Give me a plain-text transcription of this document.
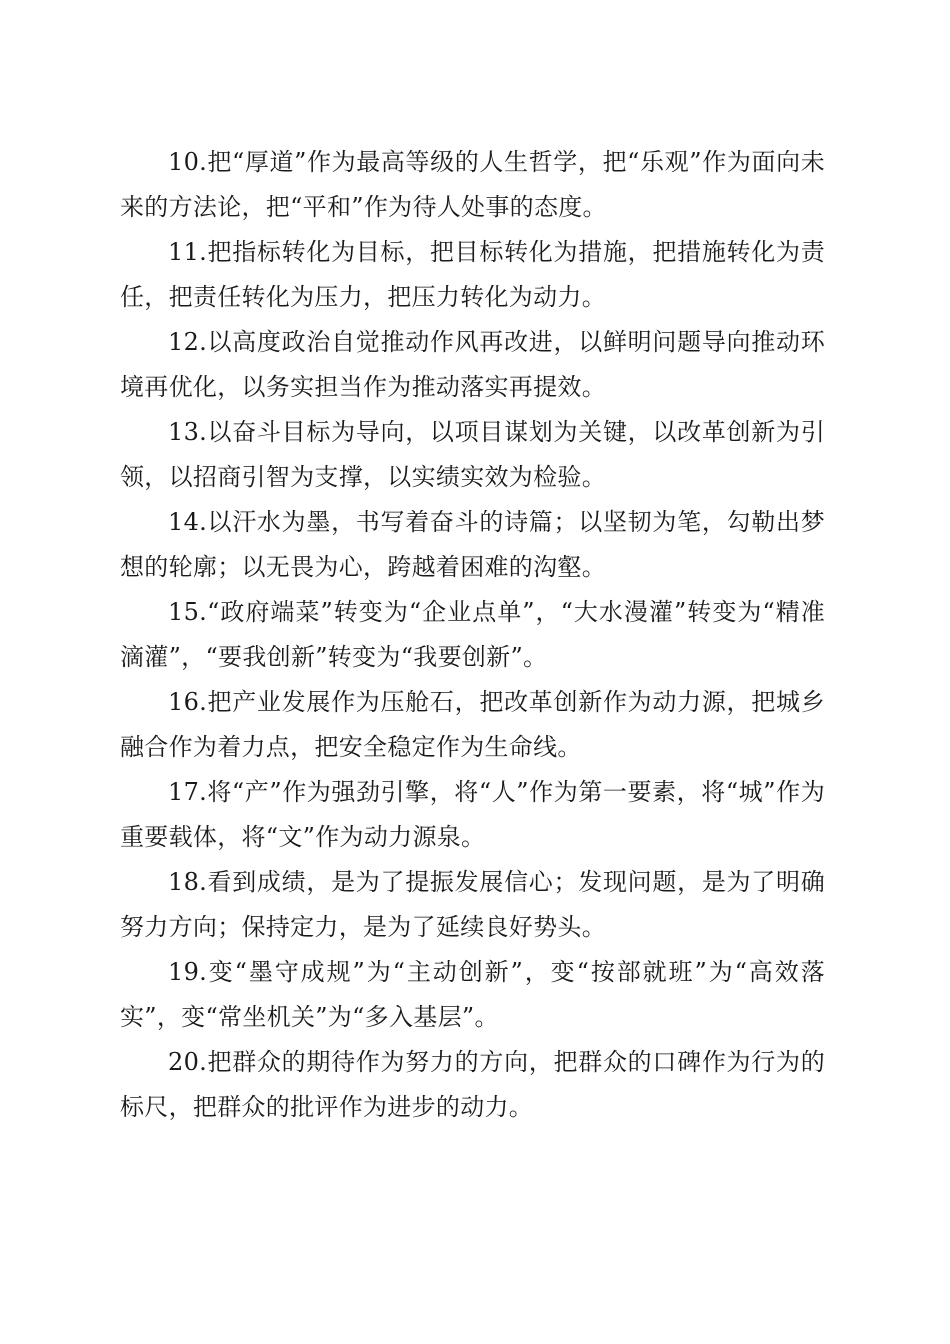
10.把“厚道”作为最高等级的人生哲学，把“乐观”作为面向未来的方法论，把“平和”作为待人处事的态度。

11.把指标转化为目标，把目标转化为措施，把措施转化为责任，把责任转化为压力，把压力转化为动力。

12.以高度政治自觉推动作风再改进，以鲜明问题导向推动环境再优化，以务实担当作为推动落实再提效。

13.以奋斗目标为导向，以项目谋划为关键，以改革创新为引领，以招商引智为支撑，以实绩实效为检验。

14.以汗水为墨，书写着奋斗的诗篇；以坚韧为笔，勾勒出梦想的轮廓；以无畏为心，跨越着困难的沟壑。

15.“政府端菜”转变为“企业点单”，“大水漫灌”转变为“精准滴灌”，“要我创新”转变为“我要创新”。

16.把产业发展作为压舱石，把改革创新作为动力源，把城乡融合作为着力点，把安全稳定作为生命线。

17.将“产”作为强劲引擎，将“人”作为第一要素，将“城”作为重要载体，将“文”作为动力源泉。

18.看到成绩，是为了提振发展信心；发现问题，是为了明确努力方向；保持定力，是为了延续良好势头。

19.变“墨守成规”为“主动创新”，变“按部就班”为“高效落实”，变“常坐机关”为“多入基层”。

20.把群众的期待作为努力的方向，把群众的口碑作为行为的标尺，把群众的批评作为进步的动力。
